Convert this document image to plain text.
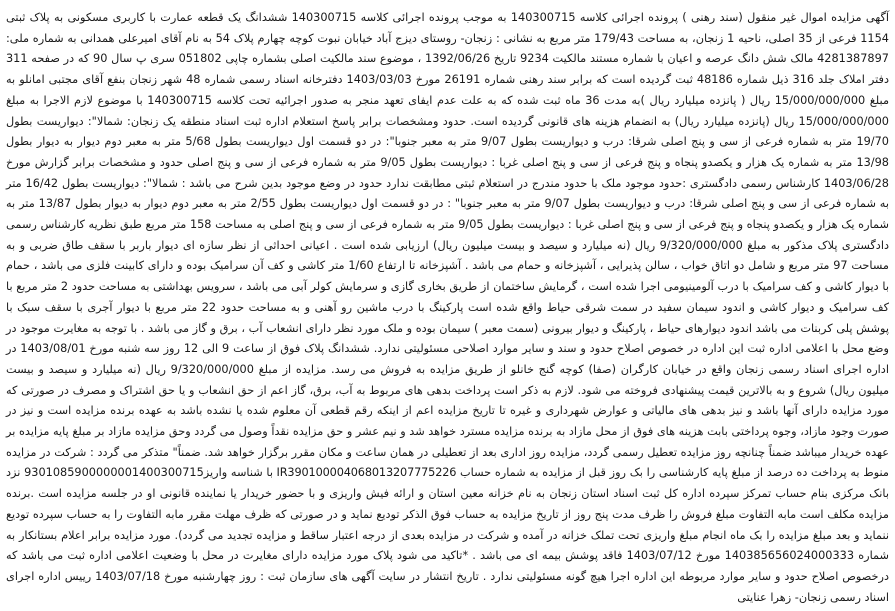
آگهی مزایده اموال غیر منقول (سند رهنی ) پرونده اجرائی کلاسه 140300715 به موجب پرونده اجرائی کلاسه 140300715 ششدانگ یک قطعه عمارت با کاربری مسکونی به پلاک ثبتی 1154 فرعی از 35 اصلی، ناحیه 1 زنجان، به مساحت 179/43 متر مربع به نشانی : زنجان- روستای دیزج آباد خیابان نبوت کوچه چهارم پلاک 54 به نام آقای امیرعلی همدانی به شماره ملی: 4281387897 مالک شش دانگ عرصه و اعیان با شماره مستند مالکیت 9234 تاریخ 1392/06/26 ، موضوع سند مالکیت اصلی بشماره چاپی 051802 سری پ سال 90 که در صفحه 311 دفتر املاک جلد 316 ذیل شماره 48186 ثبت گردیده است که برابر سند رهنی شماره 26191 مورخ 1403/03/03 دفترخانه اسناد رسمی شماره 48 شهر زنجان بنفع آقای مجتبی امانلو به مبلغ 15/000/000/000 ریال ( پانزده میلیارد ریال )به مدت 36 ماه ثبت شده که به علت عدم ایفای تعهد منجر به صدور اجرائیه تحت کلاسه 140300715 با موضوع لازم الاجرا به مبلغ 15/000/000/000 ریال (پانزده میلیارد ریال) به انضمام هزینه های قانونی گردیده است. حدود ومشخصات برابر پاسخ استعلام اداره ثبت اسناد منطقه یک زنجان: شمالا": دیواریست بطول 19/70 متر به شماره فرعی از سی و پنج اصلی شرقا: درب و دیواریست بطول 9/07 متر به معبر جنوبا": در دو قسمت اول دیواریست بطول 5/68 متر به معبر دوم دیوار به دیوار بطول 13/98 متر به شماره یک هزار و یکصدو پنجاه و پنج فرعی از سی و پنج اصلی غربا : دیواریست بطول 9/05 متر به شماره فرعی از سی و پنج اصلی حدود و مشخصات برابر گزارش مورخ 1403/06/28 کارشناس رسمی دادگستری :حدود موجود ملک با حدود مندرج در استعلام ثبتی مطابقت ندارد حدود در وضع موجود بدین شرح می باشد : شمالا": دیواریست بطول 16/42 متر به شماره فرعی از سی و پنج اصلی شرقا: درب و دیواریست بطول 9/07 متر به معبر جنوبا" : در دو قسمت اول دیواریست بطول 2/55 متر به معبر دوم دیوار به دیوار بطول 13/87 متر به شماره یک هزار و یکصدو پنجاه و پنج فرعی از سی و پنج اصلی غربا : دیواریست بطول 9/05 متر به شماره فرعی از سی و پنج اصلی به مساحت 158 متر مربع طبق نظریه کارشناس رسمی دادگستری پلاک مذکور به مبلغ 9/320/000/000 ریال (نه میلیارد و سیصد و بیست میلیون ریال) ارزیابی شده است . اعیانی احداثی از نظر سازه ای دیوار باربر با سقف طاق ضربی و به مساحت 97 متر مربع و شامل دو اتاق خواب ، سالن پذیرایی ، آشپزخانه و حمام می باشد . آشپزخانه تا ارتفاع 1/60 متر کاشی و کف آن سرامیک بوده و دارای کابینت فلزی می باشد ، حمام با دیوار کاشی و کف سرامیک با درب آلومینیومی اجرا شده است ، گرمایش ساختمان از طریق بخاری گازی و سرمایش کولر آبی می باشد ، سرویس بهداشتی به مساحت حدود 2 متر مربع با کف سرامیک و دیوار کاشی و اندود سیمان سفید در سمت شرقی حیاط واقع شده است پارکینگ با درب ماشین رو آهنی و به مساحت حدود 22 متر مربع با دیوار آجری با سقف سبک با پوشش پلی کربنات می باشد اندود دیوارهای حیاط ، پارکینگ و دیوار بیرونی (سمت معبر ) سیمان بوده و ملک مورد نظر دارای انشعاب آب ، برق و گاز می باشد . با توجه به مغایرت موجود در وضع محل با اعلامی اداره ثبت این اداره در خصوص اصلاح حدود و سند و سایر موارد اصلاحی مسئولیتی ندارد. ششدانگ پلاک فوق از ساعت 9 الی 12 روز سه شنبه مورخ 1403/08/01 در اداره اجرای اسناد رسمی زنجان واقع در خیابان کارگران (صفا) کوچه گنج خانلو از طریق مزایده به فروش می رسد. مزایده از مبلغ 9/320/000/000 ریال (نه میلیارد و سیصد و بیست میلیون ریال) شروع و به بالاترین قیمت پیشنهادی فروخته می شود. لازم به ذکر است پرداخت بدهی های مربوط به آب، برق، گاز اعم از حق انشعاب و یا حق اشتراک و مصرف در صورتی که مورد مزایده دارای آنها باشد و نیز بدهی های مالیاتی و عوارض شهرداری و غیره تا تاریخ مزایده اعم از اینکه رقم قطعی آن معلوم شده یا نشده باشد به عهده برنده مزایده است و نیز در صورت وجود مازاد، وجوه پرداختی بابت هزینه های فوق از محل مازاد به برنده مزایده مسترد خواهد شد و نیم عشر و حق مزایده نقداً وصول می گردد وحق مزایده مازاد بر مبلغ پایه مزایده بر عهده خریدار میباشد ضمناً چنانچه روز مزایده تعطیل رسمی گردد، مزایده روز اداری بعد از تعطیلی در همان ساعت و مکان مقرر برگزار خواهد شد. ضمناً" متذکر می گردد : شرکت در مزایده منوط به پرداخت ده درصد از مبلغ پایه کارشناسی را بک روز قبل از مزایده به شماره حساب IR390100004068013207775226 با شناسه واریز9301085900000001400300715 نزد بانک مرکزی بنام حساب تمرکز سپرده اداره کل ثبت اسناد استان زنجان به نام خزانه معین استان و ارائه فیش واریزی و با حضور خریدار یا نماینده قانونی او در جلسه مزایده است .برنده مزایده مکلف است مابه التفاوت مبلغ فروش را ظرف مدت پنج روز از تاریخ مزایده به حساب فوق الذکر تودیع نماید و در صورتی که ظرف مهلت مقرر مابه التفاوت را به حساب سپرده تودیع ننماید و بعد مبلغ مزایده را بک ماه انجام مبلغ واریزی تحت تملک خزانه در آمده و شرکت در مزایده بعدی از درجه اعتبار ساقط و مزایده تجدید می گردد). مورد مزایده برابر اعلام بستانکار به شماره 140385656024000333 مورخ 1403/07/12 فاقد پوشش بیمه ای می باشد . *تاکید می شود پلاک مورد مزایده دارای مغایرت در محل با وضعیت اعلامی اداره ثبت می باشد که درخصوص اصلاح حدود و سایر موارد مربوطه این اداره اجرا هیچ گونه مسئولیتی ندارد . تاریخ انتشار در سایت آگهی های سازمان ثبت : روز چهارشنبه مورخ 1403/07/18 رییس اداره اجرای اسناد رسمی زنجان- زهرا عنایتی
